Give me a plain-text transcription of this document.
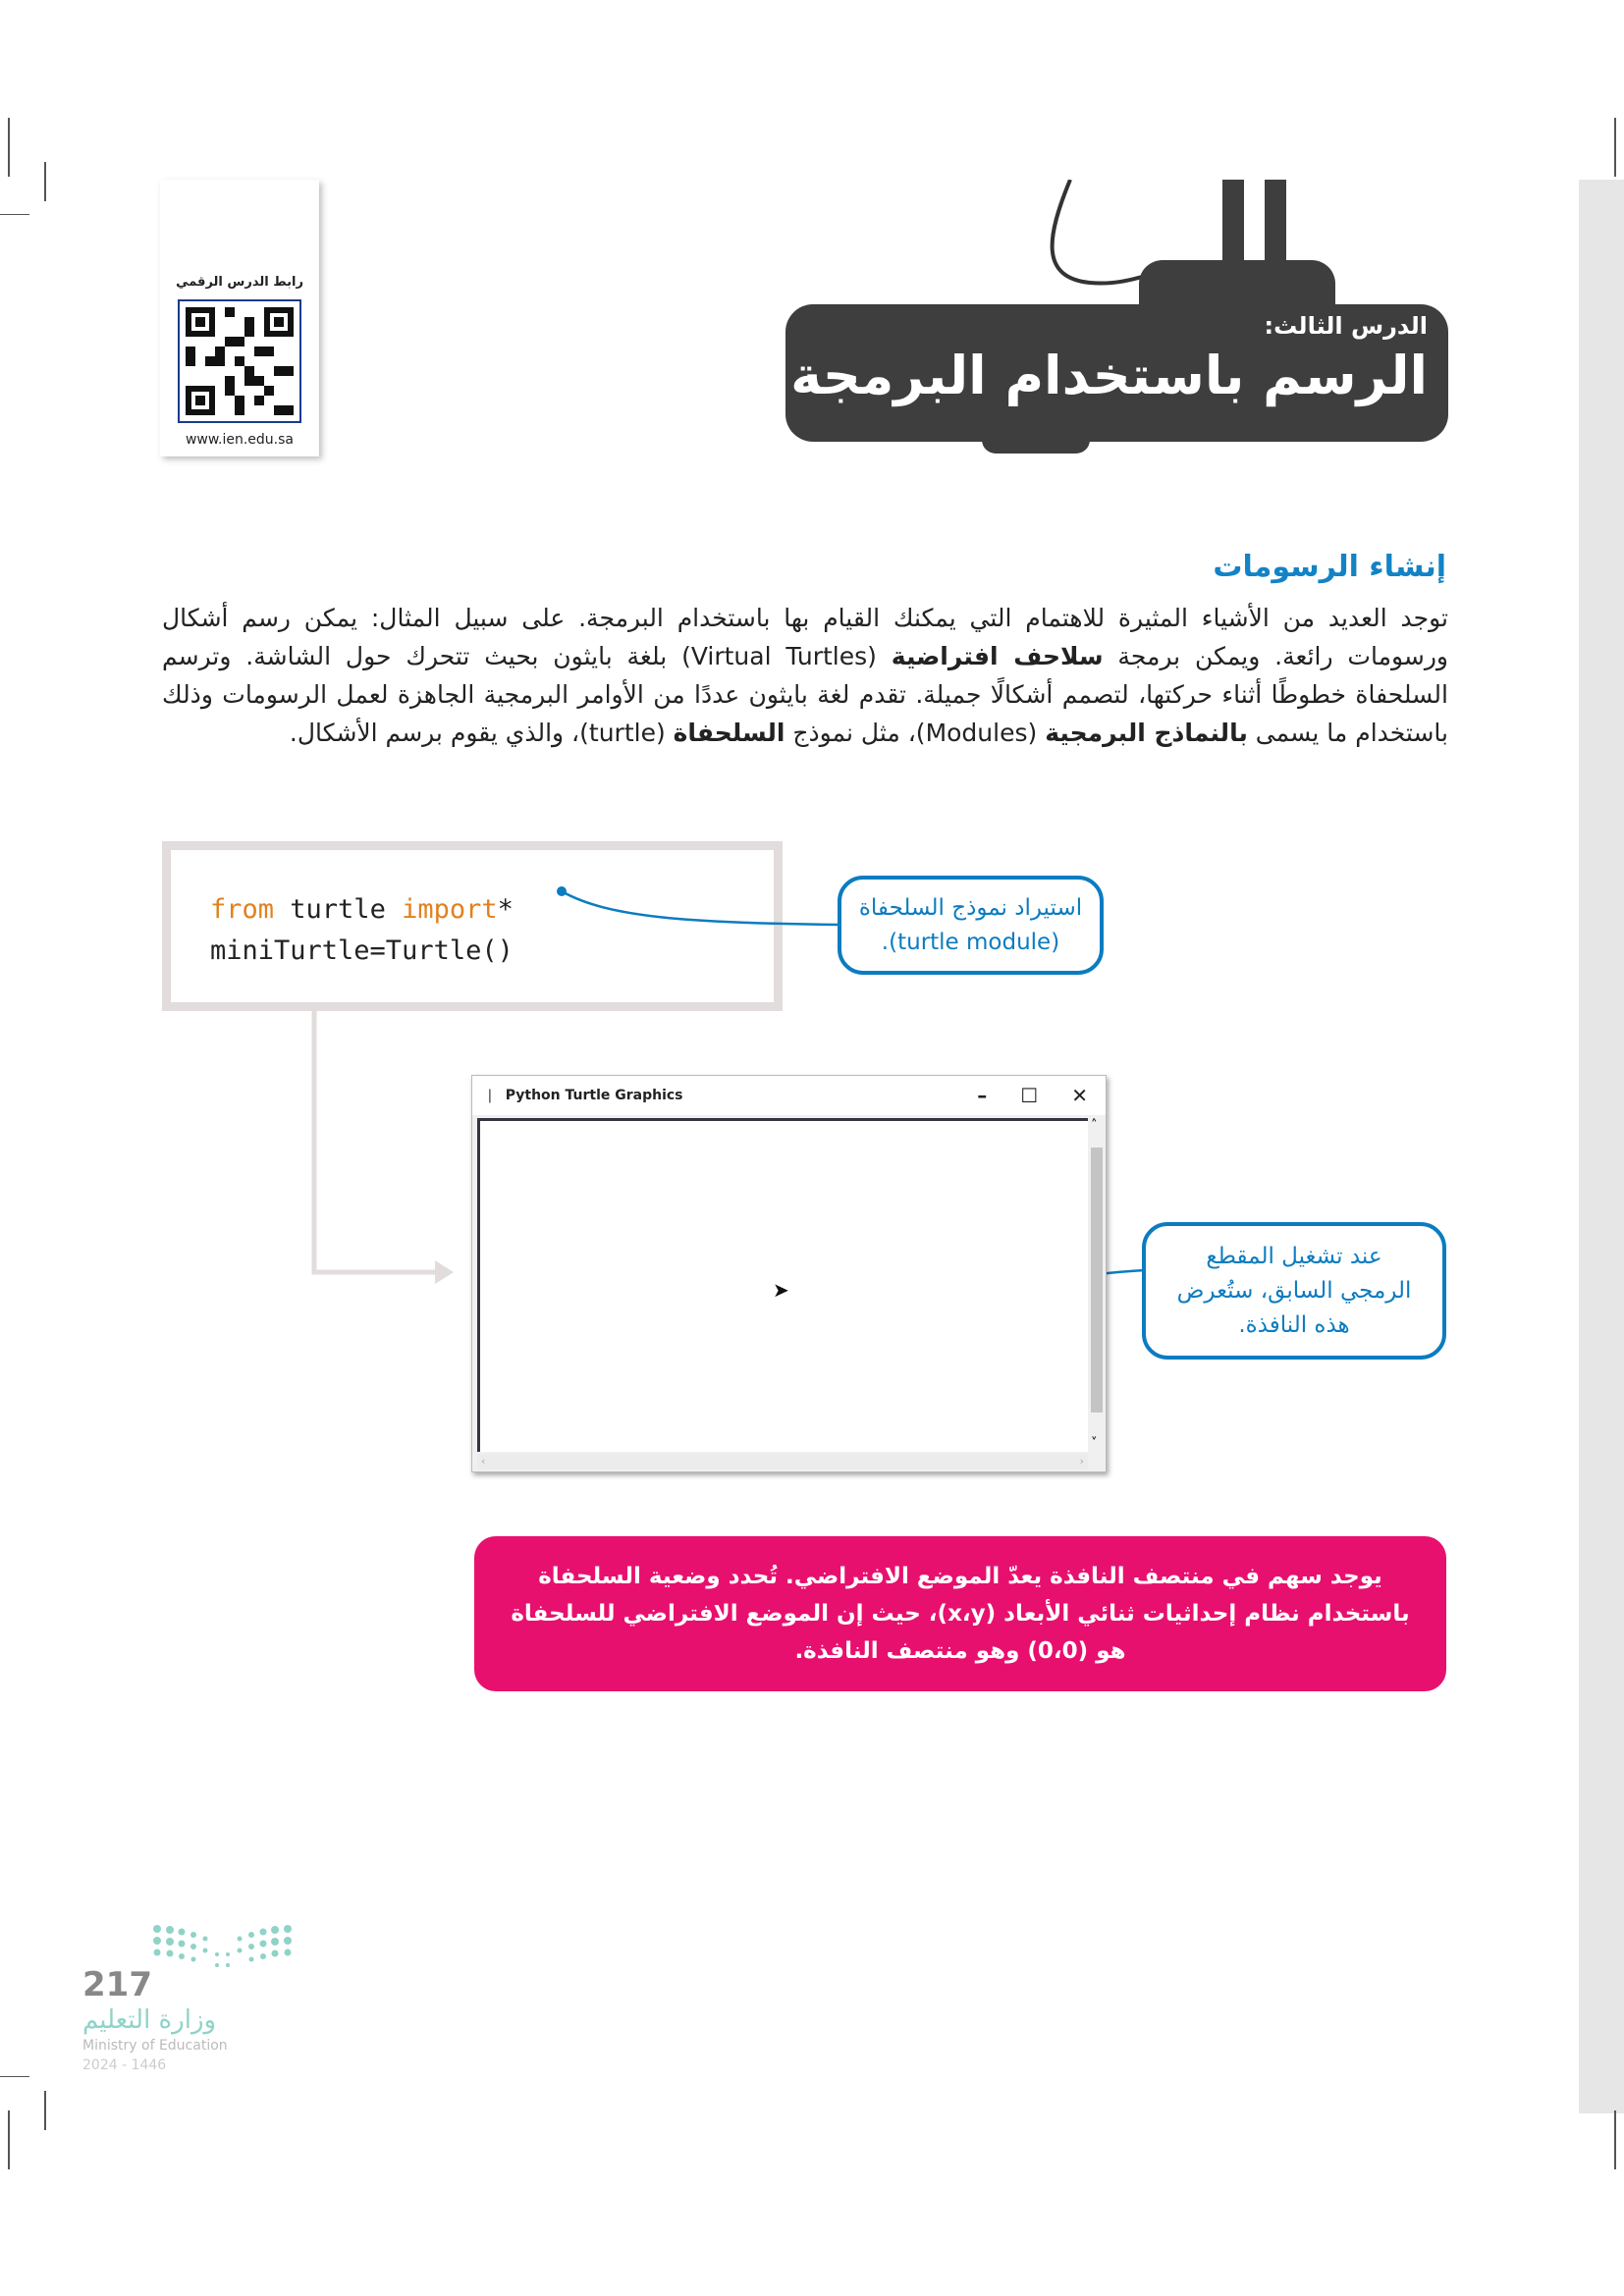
رابط الدرس الرقمي
www.ien.edu.sa
الدرس الثالث:
الرسم باستخدام البرمجة
إنشاء الرسومات
توجد العديد من الأشياء المثيرة للاهتمام التي يمكنك القيام بها باستخدام البرمجة. على سبيل المثال: يمكن رسم أشكال ورسومات رائعة. ويمكن برمجة سلاحف افتراضية (Virtual Turtles) بلغة بايثون بحيث تتحرك حول الشاشة. وترسم السلحفاة خطوطًا أثناء حركتها، لتصمم أشكالًا جميلة. تقدم لغة بايثون عددًا من الأوامر البرمجية الجاهزة لعمل الرسومات وذلك باستخدام ما يسمى بالنماذج البرمجية (Modules)، مثل نموذج السلحفاة (turtle)، والذي يقوم برسم الأشكال.
from turtle import*
miniTurtle=Turtle()
استيراد نموذج السلحفاة (turtle module).
❘ Python Turtle Graphics	– ☐ ✕
➤
˄
˅
‹	›
عند تشغيل المقطع الرمجي السابق، ستُعرض هذه النافذة.
يوجد سهم في منتصف النافذة يعدّ الموضع الافتراضي. تُحدد وضعية السلحفاة باستخدام نظام إحداثيات ثنائي الأبعاد (x،y)، حيث إن الموضع الافتراضي للسلحفاة هو (0،0) وهو منتصف النافذة.
217
وزارة التعليم
Ministry of Education
2024 - 1446
